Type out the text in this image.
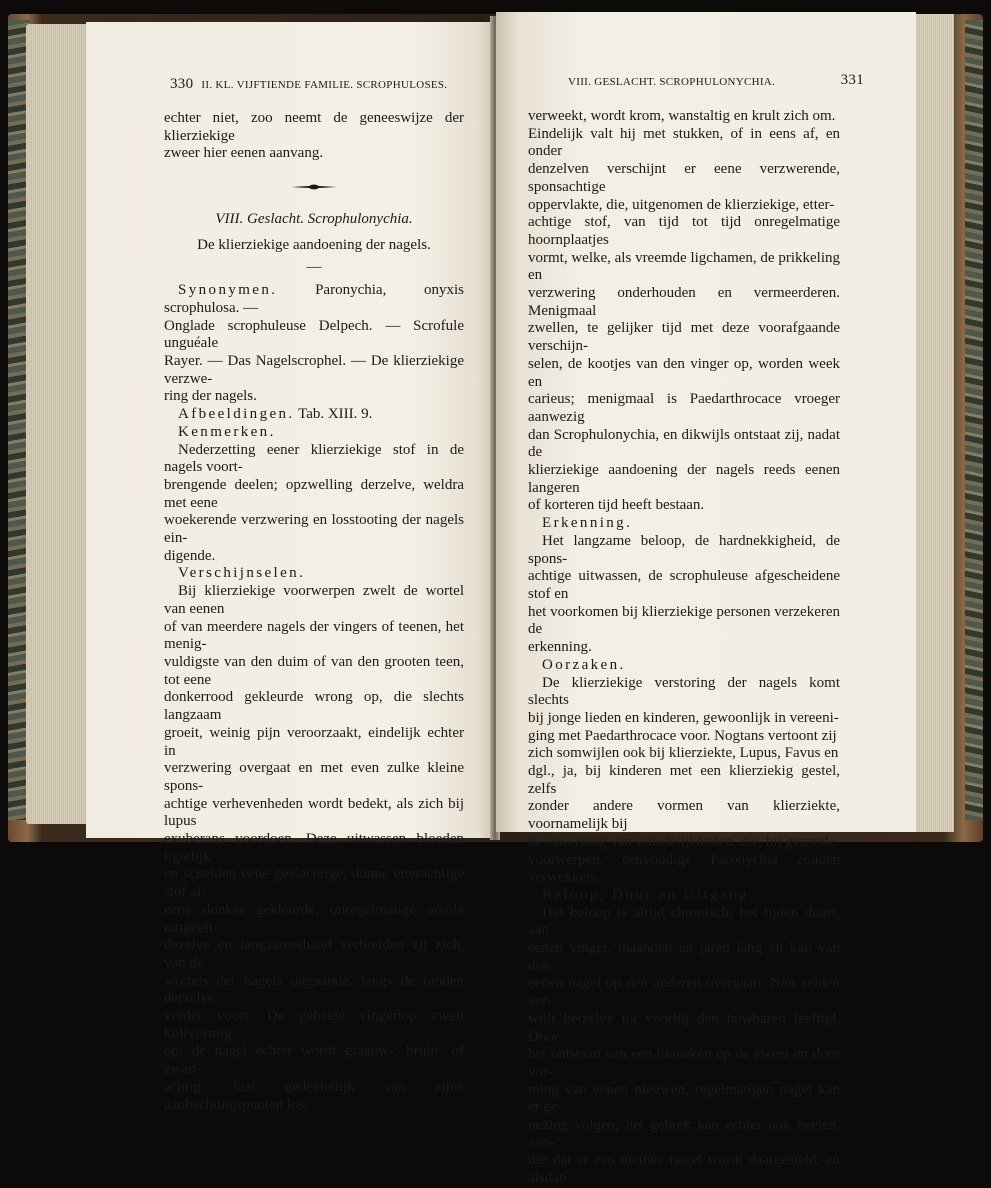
330 II. KL. VIJFTIENDE FAMILIE. SCROPHULOSES.

echter niet, zoo neemt de geneeswijze der klierziekige

zweer hier eenen aanvang.

VIII. Geslacht. Scrophulonychia.

De klierziekige aandoening der nagels.

—

Synonymen.	Paronychia, onyxis scrophulosa. —

Onglade scrophuleuse Delpech. — Scrofule unguéale

Rayer. — Das Nagelscrophel. — De klierziekige verzwe-

ring der nagels.

Afbeeldingen. Tab. XIII. 9.

Kenmerken.

Nederzetting eener klierziekige stof in de nagels voort-

brengende deelen; opzwelling derzelve, weldra met eene

woekerende verzwering en losstooting der nagels ein-

digende.

Verschijnselen.

Bij klierziekige voorwerpen zwelt de wortel van eenen

of van meerdere nagels der vingers of teenen, het menig-

vuldigste van den duim of van den grooten teen, tot eene

donkerrood gekleurde wrong op, die slechts langzaam

groeit, weinig pijn veroorzaakt, eindelijk echter in

verzwering overgaat en met even zulke kleine spons-

achtige verhevenheden wordt bedekt, als zich bij lupus

exuberans voordoen. Deze uitwassen bloeden ligtelijk

en scheiden eene geelachtige, dunne etterachtige stof af;

eene donker gekleurde, onregelmatige areola omgeeft

dezelve en langzamerhand verbreiden zij zich, van de

wortels der nagels uitgaande, langs de randen derzelve

verder voort. De geheele vingertop zwelt kolfvormig

op; de nagel echter wordt graauw-, bruin- of zwart-

achtig, laat gedeeltelijk van zijne aanhechtingspunten los,

VIII. GESLACHT. SCROPHULONYCHIA.	331

verweekt, wordt krom, wanstaltig en krult zich om.

Eindelijk valt hij met stukken, of in eens af, en onder

denzelven verschijnt er eene verzwerende, sponsachtige

oppervlakte, die, uitgenomen de klierziekige, etter-

achtige stof, van tijd tot tijd onregelmatige hoornplaatjes

vormt, welke, als vreemde ligchamen, de prikkeling en

verzwering onderhouden en vermeerderen. Menigmaal

zwellen, te gelijker tijd met deze voorafgaande verschijn-

selen, de kootjes van den vinger op, worden week en

carieus; menigmaal is Paedarthrocace vroeger aanwezig

dan Scrophulonychia, en dikwijls ontstaat zij, nadat de

klierziekige aandoening der nagels reeds eenen langeren

of korteren tijd heeft bestaan.

Erkenning.

Het langzame beloop, de hardnekkigheid, de spons-

achtige uitwassen, de scrophuleuse afgescheidene stof en

het voorkomen bij klierziekige personen verzekeren de

erkenning.

Oorzaken.

De klierziekige verstoring der nagels komt slechts

bij jonge lieden en kinderen, gewoonlijk in vereeni-

ging met Paedarthrocace voor. Nogtans vertoont zij

zich somwijlen ook bij klierziekte, Lupus, Favus en

dgl., ja, bij kinderen met een klierziekig gestel, zelfs

zonder andere vormen van klierziekte, voornamelijk bij

de inwerking van schadelijkheden, die, bij gezonde

voorwerpen, eenvoudige Paronychia zouden verwekken.

Beloop, Duur en Uitgang.

Het beloop is altijd chronisch; het lijden duurt, aan

eenen vinger, maanden en jaren lang en kan van den

eenen nagel op den anderen overgaan. Niet zelden ver-

wijlt hetzelve tot voorbij den huwbaren leeftijd. Door

het ontstaan van een likteeken op de zweer en door vor-

ming van eenen nieuwen, regelmatigen nagel kan er ge-

nezing volgen; het gebrek kan echter ook heelen, zon-

der dat er een nieuwe nagel wordt daargesteld, en alsdan
